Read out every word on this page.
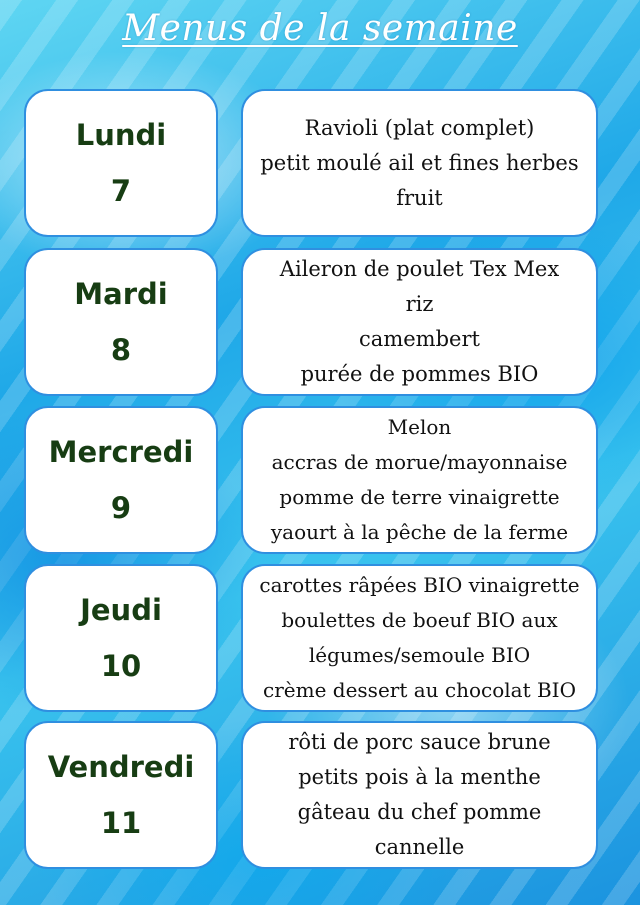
Menus de la semaine
Lundi
7
Ravioli (plat complet)
petit moulé ail et fines herbes
fruit
Mardi
8
Aileron de poulet Tex Mex
riz
camembert
purée de pommes BIO
Mercredi
9
Melon
accras de morue/mayonnaise
pomme de terre vinaigrette
yaourt à la pêche de la ferme
Jeudi
10
carottes râpées BIO vinaigrette
boulettes de boeuf BIO aux
légumes/semoule BIO
crème dessert au chocolat BIO
Vendredi
11
rôti de porc sauce brune
petits pois à la menthe
gâteau du chef pomme
cannelle
